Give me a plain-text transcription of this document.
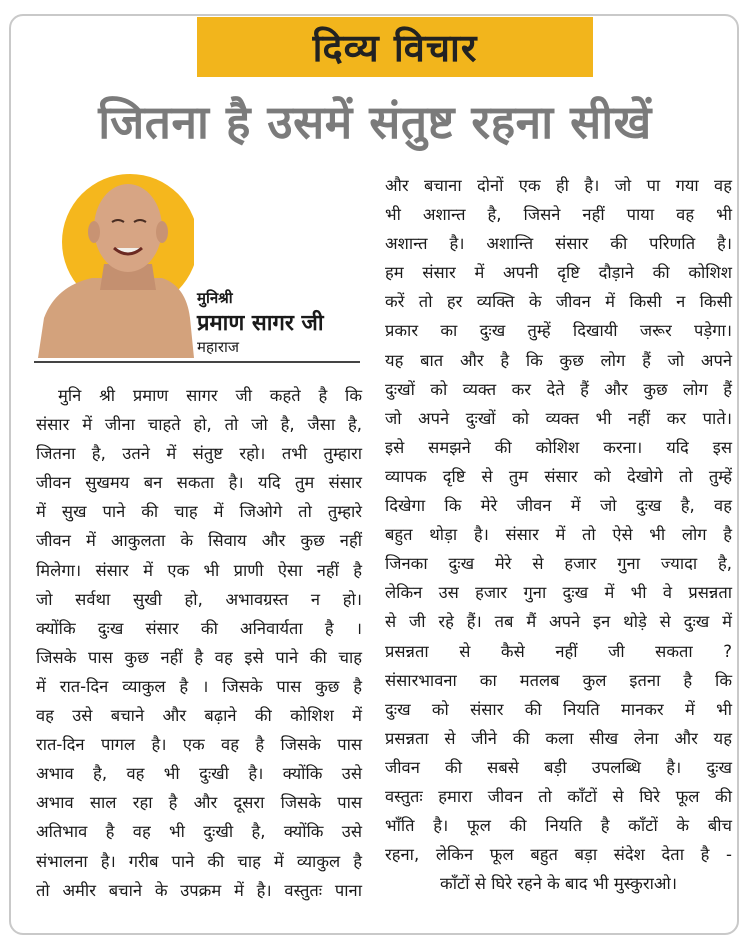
दिव्य विचार
जितना है उसमें संतुष्ट रहना सीखें
मुनिश्री
प्रमाण सागर जी
महाराज
मुनि श्री प्रमाण सागर जी कहते है कि
संसार में जीना चाहते हो, तो जो है, जैसा है,
जितना है, उतने में संतुष्ट रहो। तभी तुम्हारा
जीवन सुखमय बन सकता है। यदि तुम संसार
में सुख पाने की चाह में जिओगे तो तुम्हारे
जीवन में आकुलता के सिवाय और कुछ नहीं
मिलेगा। संसार में एक भी प्राणी ऐसा नहीं है
जो सर्वथा सुखी हो, अभावग्रस्त न हो।
क्योंकि दुःख संसार की अनिवार्यता है ।
जिसके पास कुछ नहीं है वह इसे पाने की चाह
में रात-दिन व्याकुल है । जिसके पास कुछ है
वह उसे बचाने और बढ़ाने की कोशिश में
रात-दिन पागल है। एक वह है जिसके पास
अभाव है, वह भी दुःखी है। क्योंकि उसे
अभाव साल रहा है और दूसरा जिसके पास
अतिभाव है वह भी दुःखी है, क्योंकि उसे
संभालना है। गरीब पाने की चाह में व्याकुल है
तो अमीर बचाने के उपक्रम में है। वस्तुतः पाना
और बचाना दोनों एक ही है। जो पा गया वह
भी अशान्त है, जिसने नहीं पाया वह भी
अशान्त है। अशान्ति संसार की परिणति है।
हम संसार में अपनी दृष्टि दौड़ाने की कोशिश
करें तो हर व्यक्ति के जीवन में किसी न किसी
प्रकार का दुःख तुम्हें दिखायी जरूर पड़ेगा।
यह बात और है कि कुछ लोग हैं जो अपने
दुःखों को व्यक्त कर देते हैं और कुछ लोग हैं
जो अपने दुःखों को व्यक्त भी नहीं कर पाते।
इसे समझने की कोशिश करना। यदि इस
व्यापक दृष्टि से तुम संसार को देखोगे तो तुम्हें
दिखेगा कि मेरे जीवन में जो दुःख है, वह
बहुत थोड़ा है। संसार में तो ऐसे भी लोग है
जिनका दुःख मेरे से हजार गुना ज्यादा है,
लेकिन उस हजार गुना दुःख में भी वे प्रसन्नता
से जी रहे हैं। तब मैं अपने इन थोड़े से दुःख में
प्रसन्नता से कैसे नहीं जी सकता ?
संसारभावना का मतलब कुल इतना है कि
दुःख को संसार की नियति मानकर में भी
प्रसन्नता से जीने की कला सीख लेना और यह
जीवन की सबसे बड़ी उपलब्धि है। दुःख
वस्तुतः हमारा जीवन तो काँटों से घिरे फूल की
भाँति है। फूल की नियति है काँटों के बीच
रहना, लेकिन फूल बहुत बड़ा संदेश देता है -
काँटों से घिरे रहने के बाद भी मुस्कुराओ।
